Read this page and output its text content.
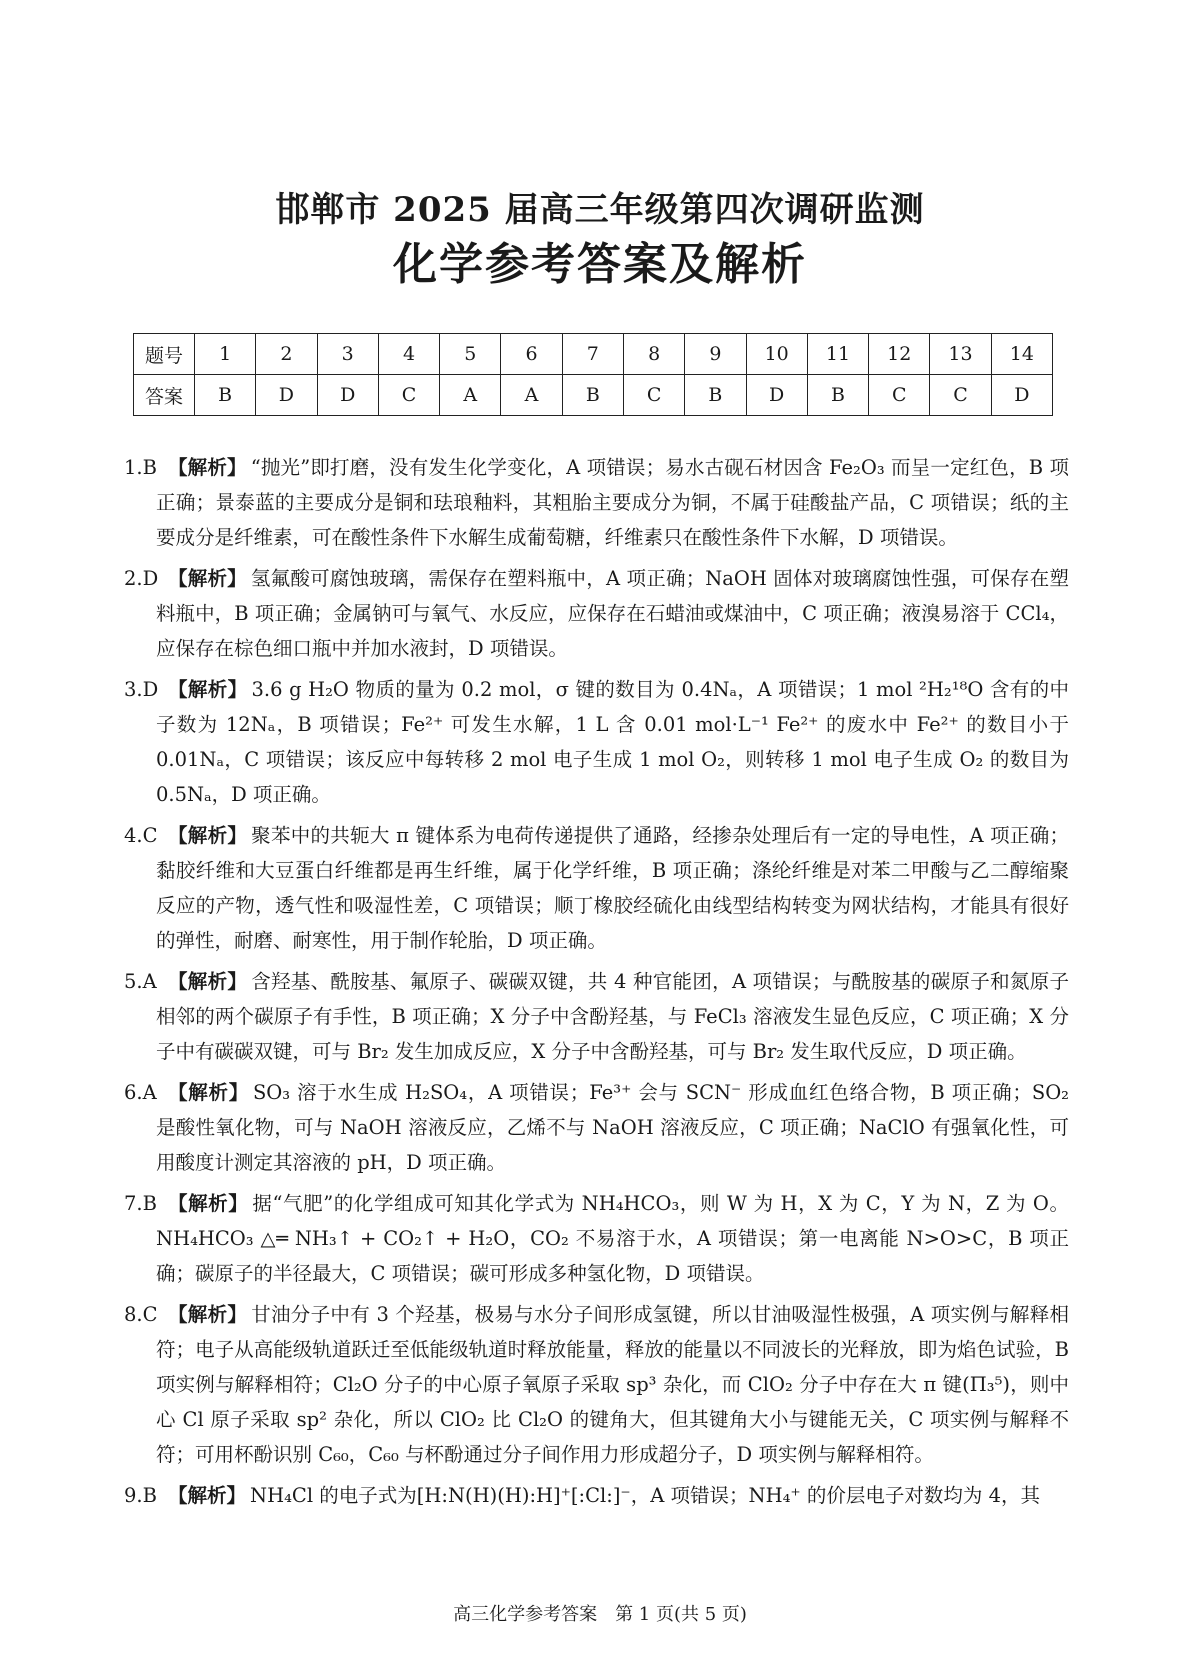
邯郸市 2025 届高三年级第四次调研监测
化学参考答案及解析
题号	1	2	3	4	5	6	7	8	9	10	11	12	13	14
答案	B	D	D	C	A	A	B	C	B	D	B	C	C	D
1.B 【解析】 “抛光”即打磨，没有发生化学变化，A 项错误；易水古砚石材因含 Fe₂O₃ 而呈一定红色，B 项正确；景泰蓝的主要成分是铜和珐琅釉料，其粗胎主要成分为铜，不属于硅酸盐产品，C 项错误；纸的主要成分是纤维素，可在酸性条件下水解生成葡萄糖，纤维素只在酸性条件下水解，D 项错误。
2.D 【解析】 氢氟酸可腐蚀玻璃，需保存在塑料瓶中，A 项正确；NaOH 固体对玻璃腐蚀性强，可保存在塑料瓶中，B 项正确；金属钠可与氧气、水反应，应保存在石蜡油或煤油中，C 项正确；液溴易溶于 CCl₄，应保存在棕色细口瓶中并加水液封，D 项错误。
3.D 【解析】 3.6 g H₂O 物质的量为 0.2 mol，σ 键的数目为 0.4Nₐ，A 项错误；1 mol ²H₂¹⁸O 含有的中子数为 12Nₐ，B 项错误；Fe²⁺ 可发生水解，1 L 含 0.01 mol·L⁻¹ Fe²⁺ 的废水中 Fe²⁺ 的数目小于 0.01Nₐ，C 项错误；该反应中每转移 2 mol 电子生成 1 mol O₂，则转移 1 mol 电子生成 O₂ 的数目为 0.5Nₐ，D 项正确。
4.C 【解析】 聚苯中的共轭大 π 键体系为电荷传递提供了通路，经掺杂处理后有一定的导电性，A 项正确；黏胶纤维和大豆蛋白纤维都是再生纤维，属于化学纤维，B 项正确；涤纶纤维是对苯二甲酸与乙二醇缩聚反应的产物，透气性和吸湿性差，C 项错误；顺丁橡胶经硫化由线型结构转变为网状结构，才能具有很好的弹性，耐磨、耐寒性，用于制作轮胎，D 项正确。
5.A 【解析】 含羟基、酰胺基、氟原子、碳碳双键，共 4 种官能团，A 项错误；与酰胺基的碳原子和氮原子相邻的两个碳原子有手性，B 项正确；X 分子中含酚羟基，与 FeCl₃ 溶液发生显色反应，C 项正确；X 分子中有碳碳双键，可与 Br₂ 发生加成反应，X 分子中含酚羟基，可与 Br₂ 发生取代反应，D 项正确。
6.A 【解析】 SO₃ 溶于水生成 H₂SO₄，A 项错误；Fe³⁺ 会与 SCN⁻ 形成血红色络合物，B 项正确；SO₂ 是酸性氧化物，可与 NaOH 溶液反应，乙烯不与 NaOH 溶液反应，C 项正确；NaClO 有强氧化性，可用酸度计测定其溶液的 pH，D 项正确。
7.B 【解析】 据“气肥”的化学组成可知其化学式为 NH₄HCO₃，则 W 为 H，X 为 C，Y 为 N，Z 为 O。NH₄HCO₃ △═ NH₃↑ + CO₂↑ + H₂O，CO₂ 不易溶于水，A 项错误；第一电离能 N>O>C，B 项正确；碳原子的半径最大，C 项错误；碳可形成多种氢化物，D 项错误。
8.C 【解析】 甘油分子中有 3 个羟基，极易与水分子间形成氢键，所以甘油吸湿性极强，A 项实例与解释相符；电子从高能级轨道跃迁至低能级轨道时释放能量，释放的能量以不同波长的光释放，即为焰色试验，B 项实例与解释相符；Cl₂O 分子的中心原子氧原子采取 sp³ 杂化，而 ClO₂ 分子中存在大 π 键(Π₃⁵)，则中心 Cl 原子采取 sp² 杂化，所以 ClO₂ 比 Cl₂O 的键角大，但其键角大小与键能无关，C 项实例与解释不符；可用杯酚识别 C₆₀，C₆₀ 与杯酚通过分子间作用力形成超分子，D 项实例与解释相符。
9.B 【解析】 NH₄Cl 的电子式为[H:N(H)(H):H]⁺[:Cl:]⁻，A 项错误；NH₄⁺ 的价层电子对数均为 4，其
高三化学参考答案　第 1 页(共 5 页)
